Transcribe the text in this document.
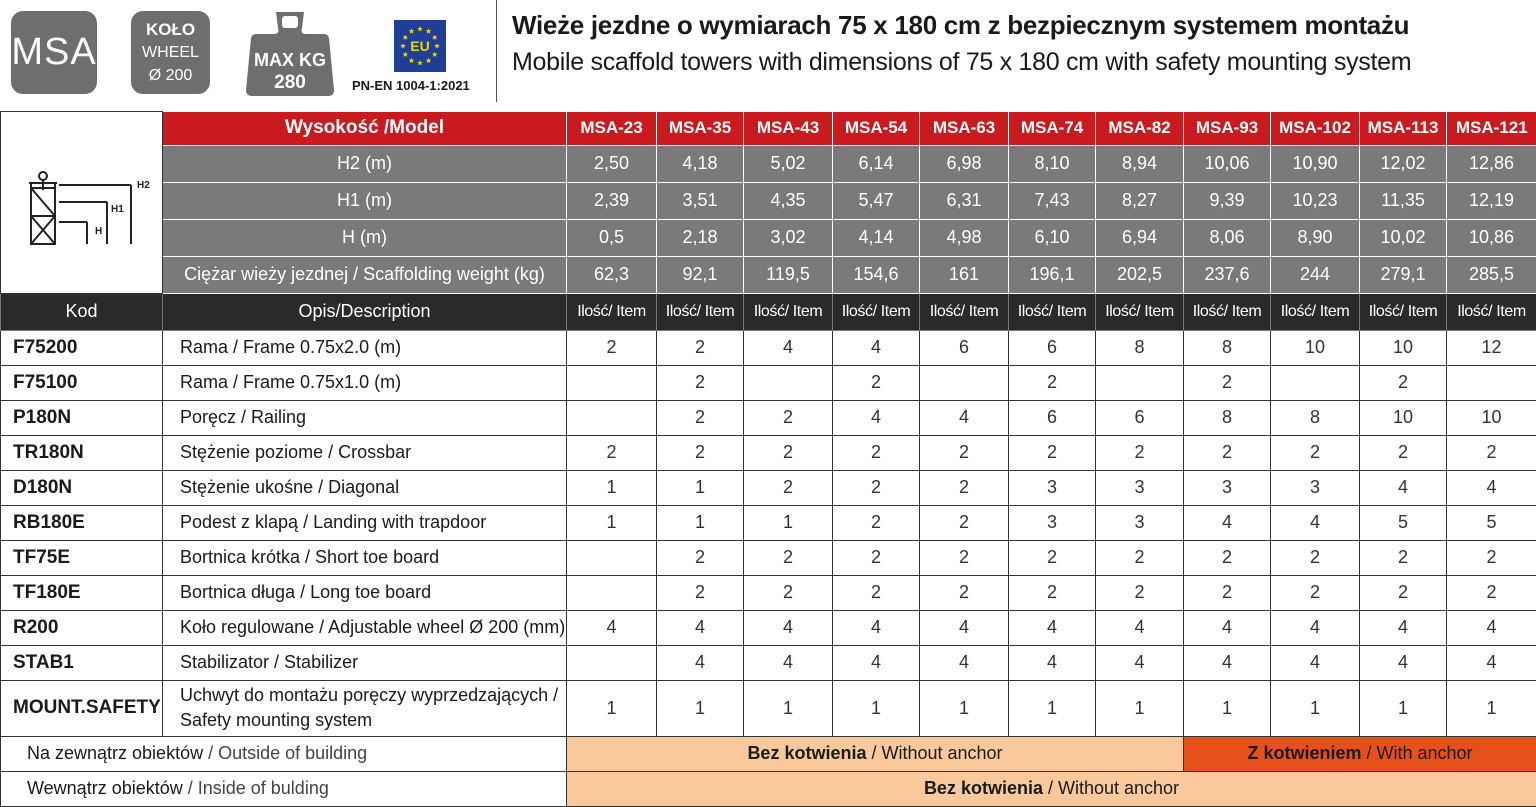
MSA
KOŁO
WHEEL
Ø 200
MAX KG
280
EU
PN-EN 1004-1:2021
Wieże jezdne o wymiarach 75 x 180 cm z bezpiecznym systemem montażu
Mobile scaffold towers with dimensions of 75 x 180 cm with safety mounting system
H2
H1
H	Wysokość /Model	MSA-23	MSA-35	MSA-43	MSA-54	MSA-63	MSA-74	MSA-82	MSA-93	MSA-102	MSA-113	MSA-121
	H2 (m)	2,50	4,18	5,02	6,14	6,98	8,10	8,94	10,06	10,90	12,02	12,86
	H1 (m)	2,39	3,51	4,35	5,47	6,31	7,43	8,27	9,39	10,23	11,35	12,19
	H (m)	0,5	2,18	3,02	4,14	4,98	6,10	6,94	8,06	8,90	10,02	10,86
	Ciężar wieży jezdnej / Scaffolding weight (kg)	62,3	92,1	119,5	154,6	161	196,1	202,5	237,6	244	279,1	285,5
Kod	Opis/Description	Ilość/ Item	Ilość/ Item	Ilość/ Item	Ilość/ Item	Ilość/ Item	Ilość/ Item	Ilość/ Item	Ilość/ Item	Ilość/ Item	Ilość/ Item	Ilość/ Item
F75200	Rama / Frame 0.75x2.0 (m)	2	2	4	4	6	6	8	8	10	10	12
F75100	Rama / Frame 0.75x1.0 (m)		2		2		2		2		2	
P180N	Poręcz / Railing		2	2	4	4	6	6	8	8	10	10
TR180N	Stężenie poziome / Crossbar	2	2	2	2	2	2	2	2	2	2	2
D180N	Stężenie ukośne / Diagonal	1	1	2	2	2	3	3	3	3	4	4
RB180E	Podest z klapą / Landing with trapdoor	1	1	1	2	2	3	3	4	4	5	5
TF75E	Bortnica krótka / Short toe board		2	2	2	2	2	2	2	2	2	2
TF180E	Bortnica długa / Long toe board		2	2	2	2	2	2	2	2	2	2
R200	Koło regulowane / Adjustable wheel Ø 200 (mm)	4	4	4	4	4	4	4	4	4	4	4
STAB1	Stabilizator / Stabilizer		4	4	4	4	4	4	4	4	4	4
MOUNT.SAFETY	Uchwyt do montażu poręczy wyprzedzających / Safety mounting system	1	1	1	1	1	1	1	1	1	1	1
Na zewnątrz obiektów / Outside of building		Bez kotwienia / Without anchor							Z kotwieniem / With anchor			
Wewnątrz obiektów / Inside of bulding		Bez kotwienia / Without anchor										
